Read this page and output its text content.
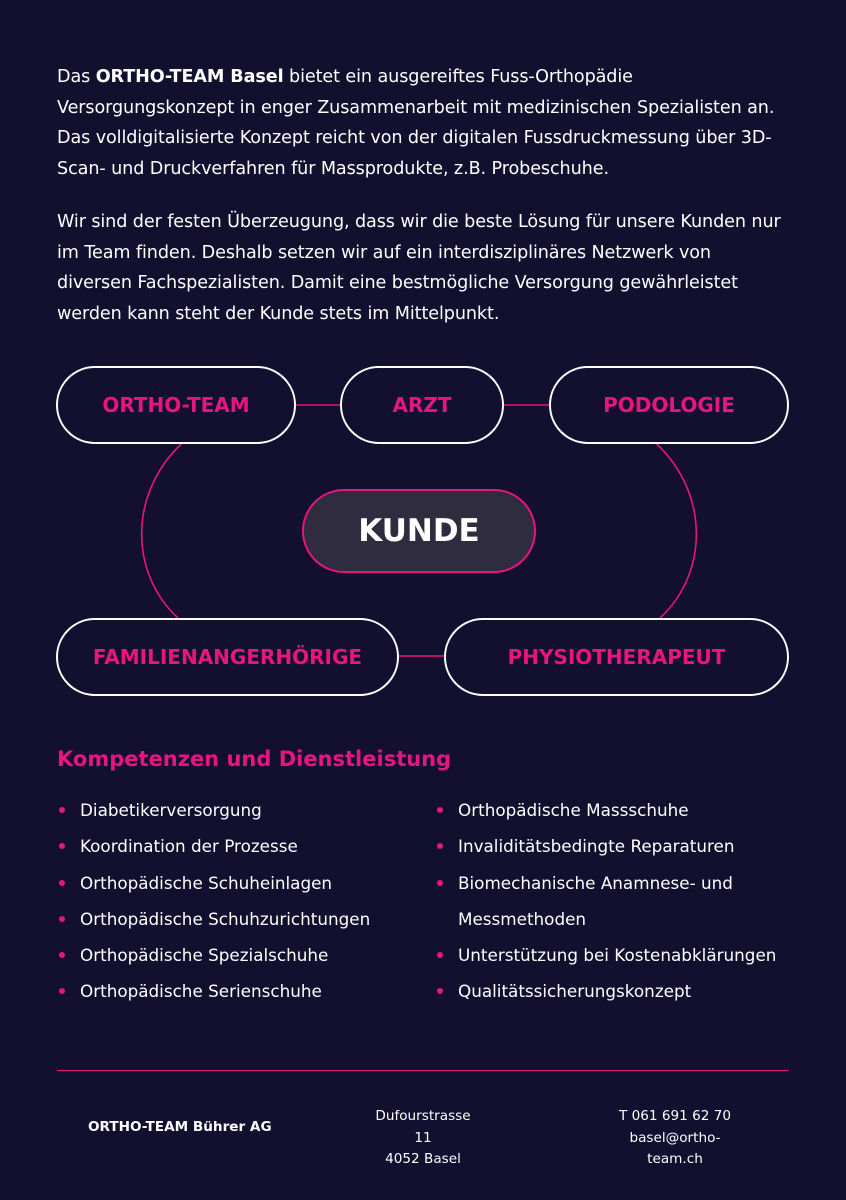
Das ORTHO-TEAM Basel bietet ein ausgereiftes Fuss-Orthopädie Versorgungskonzept in enger Zusammenarbeit mit medizinischen Spezialisten an. Das volldigitalisierte Konzept reicht von der digitalen Fussdruckmessung über 3D-Scan- und Druckverfahren für Massprodukte, z.B. Probeschuhe.

Wir sind der festen Überzeugung, dass wir die beste Lösung für unsere Kunden nur im Team finden. Deshalb setzen wir auf ein interdisziplinäres Netzwerk von diversen Fachspezialisten. Damit eine bestmögliche Versorgung gewährleistet werden kann steht der Kunde stets im Mittelpunkt.

ORTHO-TEAM	ARZT	PODOLOGIE
KUNDE
FAMILIENANGERHÖRIGE	PHYSIOTHERAPEUT
Kompetenzen und Dienstleistung
Diabetikerversorgung
Koordination der Prozesse
Orthopädische Schuheinlagen
Orthopädische Schuhzurichtungen
Orthopädische Spezialschuhe
Orthopädische Serienschuhe
Orthopädische Massschuhe
Invaliditätsbedingte Reparaturen
Biomechanische Anamnese- und Messmethoden
Unterstützung bei Kostenabklärungen
Qualitätssicherungskonzept
ORTHO-TEAM Bührer AG
Dufourstrasse 11
4052 Basel
T 061 691 62 70
basel@ortho-team.ch
